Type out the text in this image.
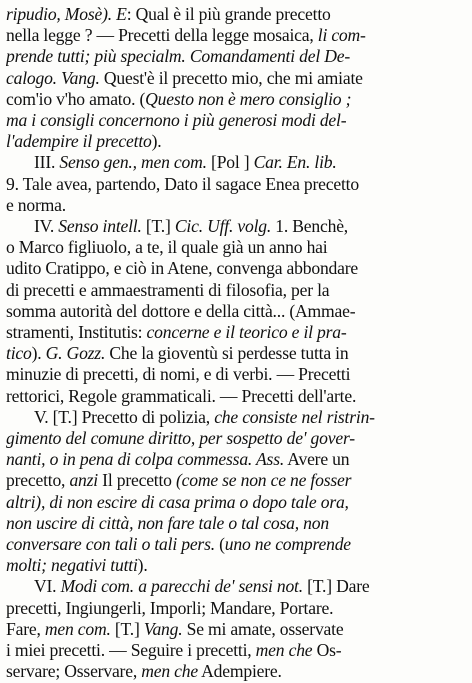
ripudio, Mosè). E: Qual è il più grande precetto
nella legge ? — Precetti della legge mosaica, li com-
prende tutti; più specialm. Comandamenti del De-
calogo. Vang. Quest'è il precetto mio, che mi amiate
com'io v'ho amato. (Questo non è mero consiglio ;
ma i consigli concernono i più generosi modi del-
l'adempire il precetto).
III. Senso gen., men com. [Pol ] Car. En. lib.
9. Tale avea, partendo, Dato il sagace Enea precetto
e norma.
IV. Senso intell. [T.] Cic. Uff. volg. 1. Benchè,
o Marco figliuolo, a te, il quale già un anno hai
udito Cratippo, e ciò in Atene, convenga abbondare
di precetti e ammaestramenti di filosofia, per la
somma autorità del dottore e della città... (Ammae-
stramenti, Institutis: concerne e il teorico e il pra-
tico). G. Gozz. Che la gioventù si perdesse tutta in
minuzie di precetti, di nomi, e di verbi. — Precetti
rettorici, Regole grammaticali. — Precetti dell'arte.
V. [T.] Precetto di polizia, che consiste nel ristrin-
gimento del comune diritto, per sospetto de' gover-
nanti, o in pena di colpa commessa. Ass. Avere un
precetto, anzi Il precetto (come se non ce ne fosser
altri), di non escire di casa prima o dopo tale ora,
non uscire di città, non fare tale o tal cosa, non
conversare con tali o tali pers. (uno ne comprende
molti; negativi tutti).
VI. Modi com. a parecchi de' sensi not. [T.] Dare
precetti, Ingiungerli, Imporli; Mandare, Portare.
Fare, men com. [T.] Vang. Se mi amate, osservate
i miei precetti. — Seguire i precetti, men che Os-
servare; Osservare, men che Adempiere.
